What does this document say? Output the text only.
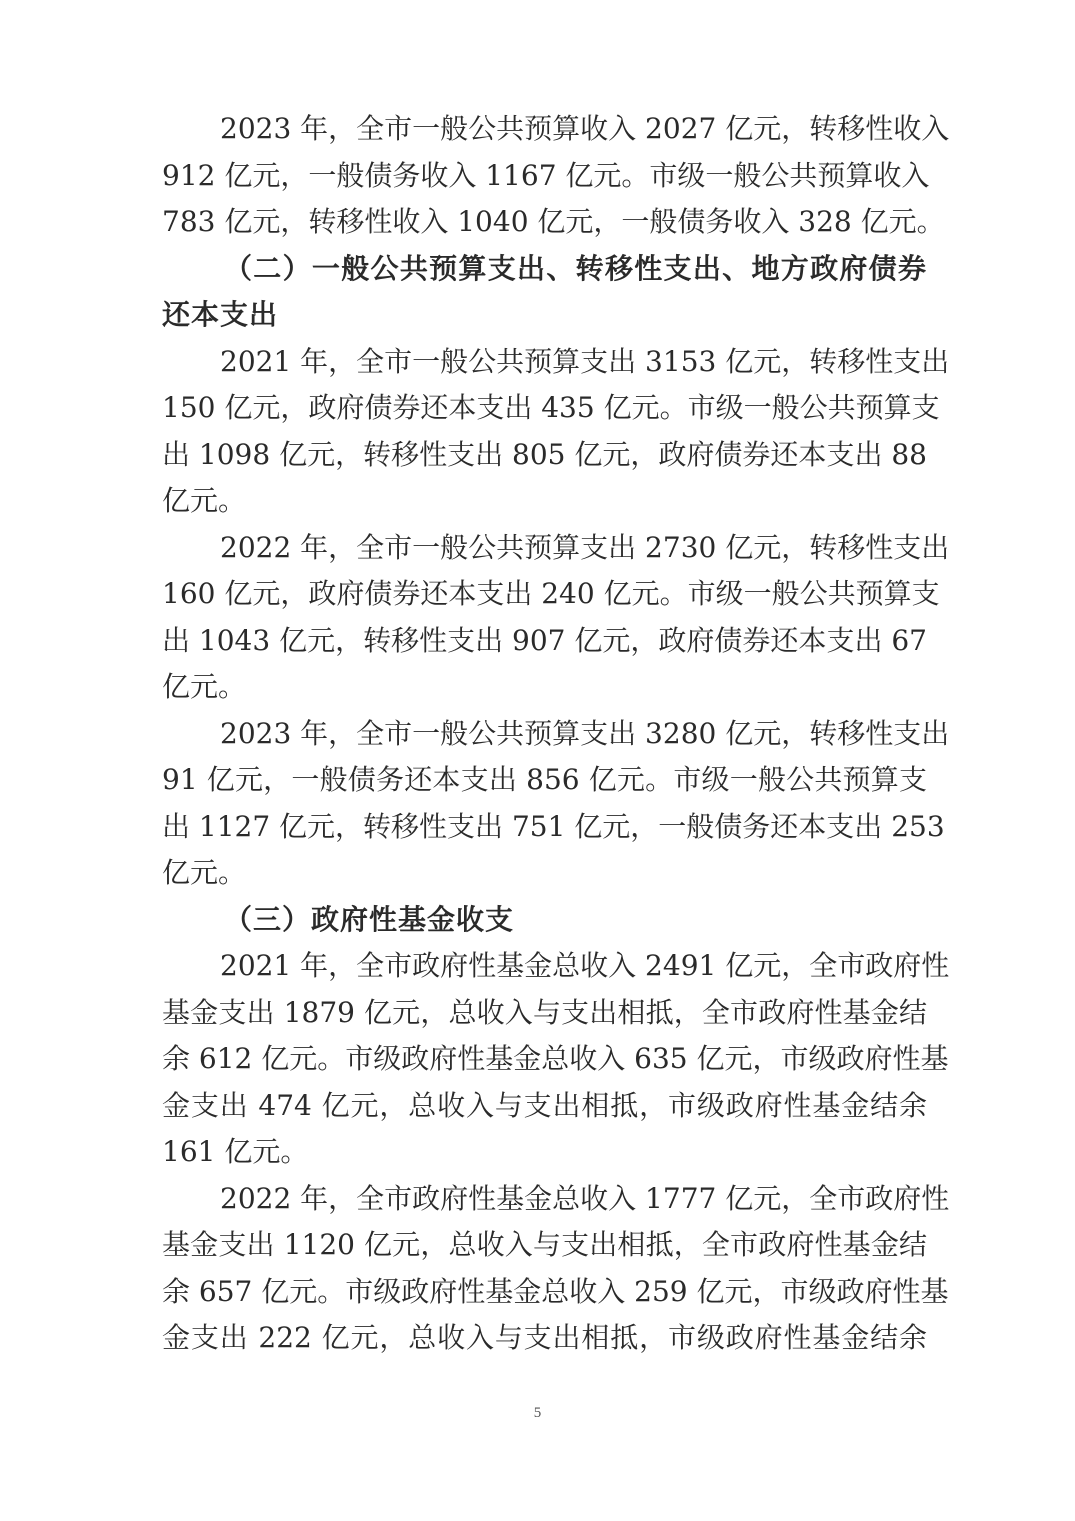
2023 年，全市一般公共预算收入 2027 亿元，转移性收入
912 亿元，一般债务收入 1167 亿元。市级一般公共预算收入
783 亿元，转移性收入 1040 亿元，一般债务收入 328 亿元。
（二）一般公共预算支出、转移性支出、地方政府债券
还本支出
2021 年，全市一般公共预算支出 3153 亿元，转移性支出
150 亿元，政府债券还本支出 435 亿元。市级一般公共预算支
出 1098 亿元，转移性支出 805 亿元，政府债券还本支出 88
亿元。
2022 年，全市一般公共预算支出 2730 亿元，转移性支出
160 亿元，政府债券还本支出 240 亿元。市级一般公共预算支
出 1043 亿元，转移性支出 907 亿元，政府债券还本支出 67
亿元。
2023 年，全市一般公共预算支出 3280 亿元，转移性支出
91 亿元，一般债务还本支出 856 亿元。市级一般公共预算支
出 1127 亿元，转移性支出 751 亿元，一般债务还本支出 253
亿元。
（三）政府性基金收支
2021 年，全市政府性基金总收入 2491 亿元，全市政府性
基金支出 1879 亿元，总收入与支出相抵，全市政府性基金结
余 612 亿元。市级政府性基金总收入 635 亿元，市级政府性基
金支出 474 亿元，总收入与支出相抵，市级政府性基金结余
161 亿元。
2022 年，全市政府性基金总收入 1777 亿元，全市政府性
基金支出 1120 亿元，总收入与支出相抵，全市政府性基金结
余 657 亿元。市级政府性基金总收入 259 亿元，市级政府性基
金支出 222 亿元，总收入与支出相抵，市级政府性基金结余
5
